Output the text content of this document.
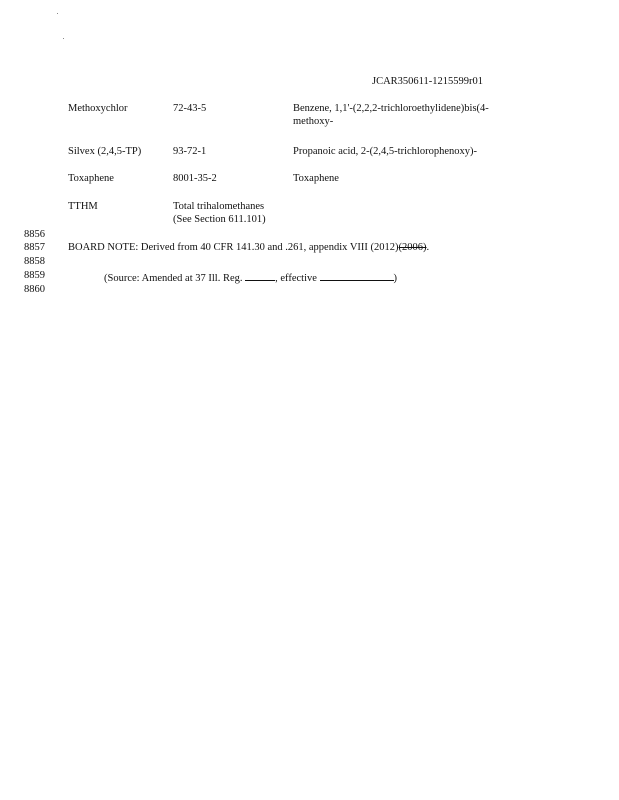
JCAR350611-1215599r01
Methoxychlor	72-43-5	Benzene, 1,1'-(2,2,2-trichloroethylidene)bis(4-
methoxy-
Silvex (2,4,5-TP)	93-72-1	Propanoic acid, 2-(2,4,5-trichlorophenoxy)-
Toxaphene	8001-35-2	Toxaphene
TTHM	Total trihalomethanes
(See Section 611.101)
8856
8857
8858
8859
8860
BOARD NOTE: Derived from 40 CFR 141.30 and .261, appendix VIII (2012)(2006).
(Source: Amended at 37 Ill. Reg.	, effective	)
